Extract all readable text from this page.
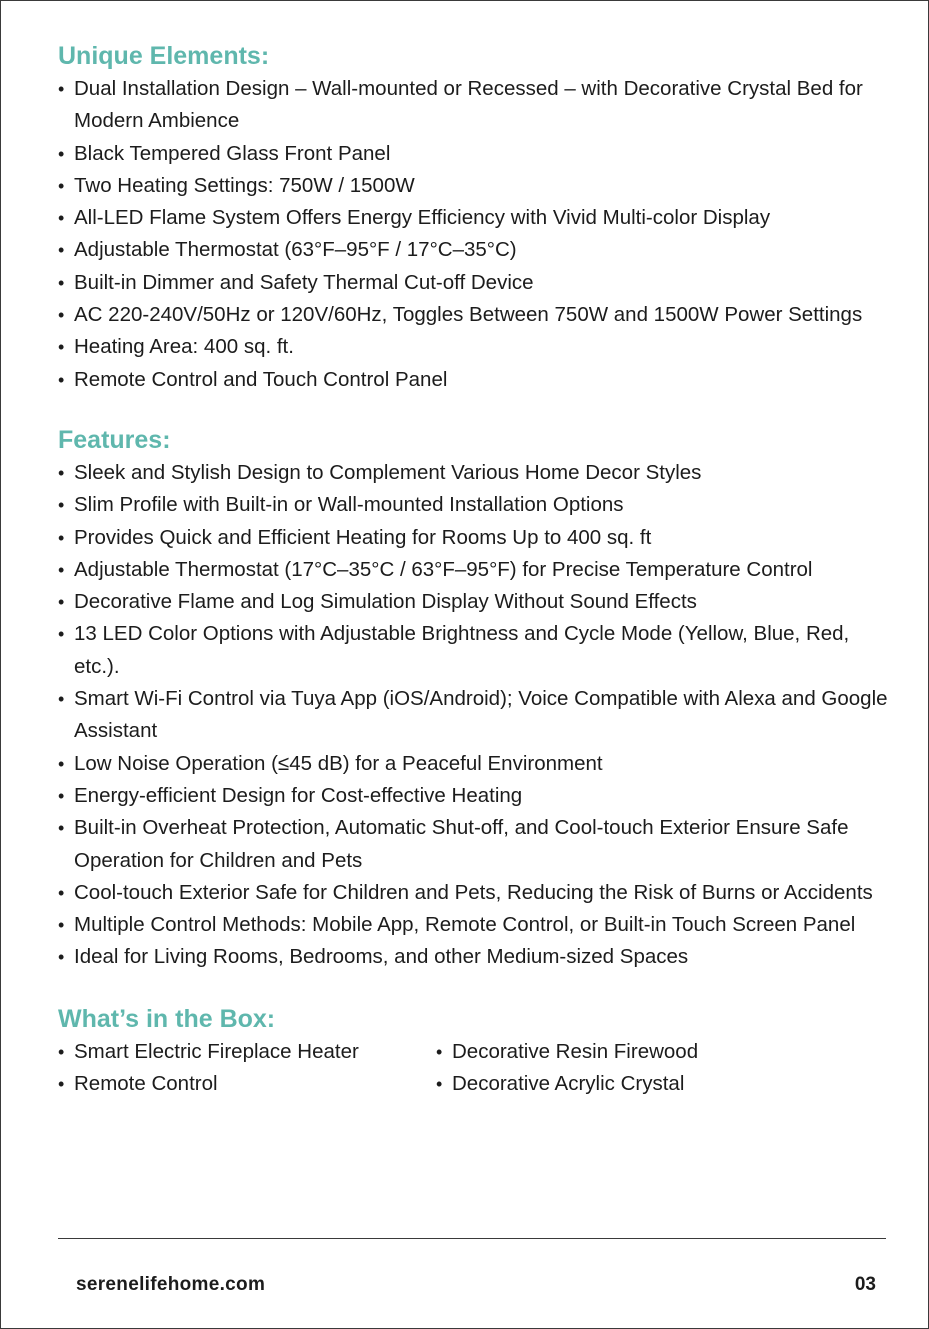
Unique Elements:
• Dual Installation Design – Wall-mounted or Recessed – with Decorative Crystal Bed for Modern Ambience
• Black Tempered Glass Front Panel
• Two Heating Settings: 750W / 1500W
• All-LED Flame System Offers Energy Efficiency with Vivid Multi-color Display
• Adjustable Thermostat (63°F–95°F / 17°C–35°C)
• Built-in Dimmer and Safety Thermal Cut-off Device
• AC 220-240V/50Hz or 120V/60Hz, Toggles Between 750W and 1500W Power Settings
• Heating Area: 400 sq. ft.
• Remote Control and Touch Control Panel
Features:
• Sleek and Stylish Design to Complement Various Home Decor Styles
• Slim Profile with Built-in or Wall-mounted Installation Options
• Provides Quick and Efficient Heating for Rooms Up to 400 sq. ft
• Adjustable Thermostat (17°C–35°C / 63°F–95°F) for Precise Temperature Control
• Decorative Flame and Log Simulation Display Without Sound Effects
• 13 LED Color Options with Adjustable Brightness and Cycle Mode (Yellow, Blue, Red, etc.).
• Smart Wi-Fi Control via Tuya App (iOS/Android); Voice Compatible with Alexa and Google Assistant
• Low Noise Operation (≤45 dB) for a Peaceful Environment
• Energy-efficient Design for Cost-effective Heating
• Built-in Overheat Protection, Automatic Shut-off, and Cool-touch Exterior Ensure Safe Operation for Children and Pets
• Cool-touch Exterior Safe for Children and Pets, Reducing the Risk of Burns or Accidents
• Multiple Control Methods: Mobile App, Remote Control, or Built-in Touch Screen Panel
• Ideal for Living Rooms, Bedrooms, and other Medium-sized Spaces
What’s in the Box:
• Smart Electric Fireplace Heater
• Remote Control
• Decorative Resin Firewood
• Decorative Acrylic Crystal
serenelifehome.com	03
